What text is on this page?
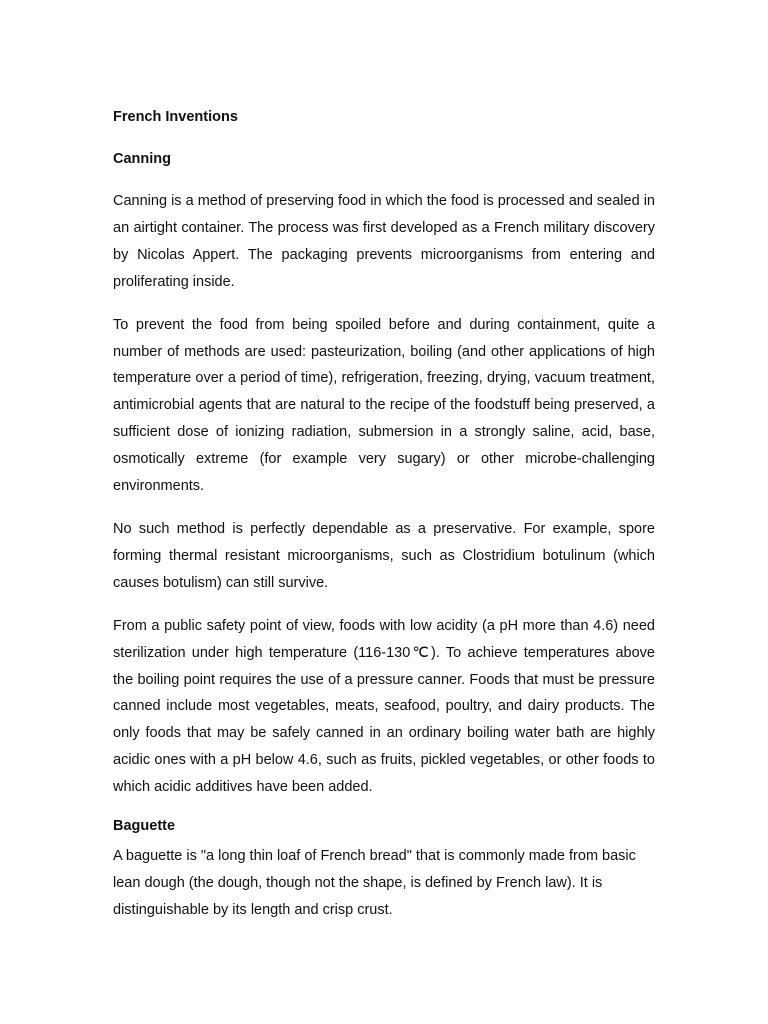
French Inventions
Canning

Canning is a method of preserving food in which the food is processed and sealed in an airtight container. The process was first developed as a French military discovery by Nicolas Appert. The packaging prevents microorganisms from entering and proliferating inside.

To prevent the food from being spoiled before and during containment, quite a number of methods are used: pasteurization, boiling (and other applications of high temperature over a period of time), refrigeration, freezing, drying, vacuum treatment, antimicrobial agents that are natural to the recipe of the foodstuff being preserved, a sufficient dose of ionizing radiation, submersion in a strongly saline, acid, base, osmotically extreme (for example very sugary) or other microbe-challenging environments.

No such method is perfectly dependable as a preservative. For example, spore forming thermal resistant microorganisms, such as Clostridium botulinum (which causes botulism) can still survive.

From a public safety point of view, foods with low acidity (a pH more than 4.6) need sterilization under high temperature (116-130℃). To achieve temperatures above the boiling point requires the use of a pressure canner. Foods that must be pressure canned include most vegetables, meats, seafood, poultry, and dairy products. The only foods that may be safely canned in an ordinary boiling water bath are highly acidic ones with a pH below 4.6, such as fruits, pickled vegetables, or other foods to which acidic additives have been added.

Baguette

A baguette is "a long thin loaf of French bread" that is commonly made from basic lean dough (the dough, though not the shape, is defined by French law). It is distinguishable by its length and crisp crust.
